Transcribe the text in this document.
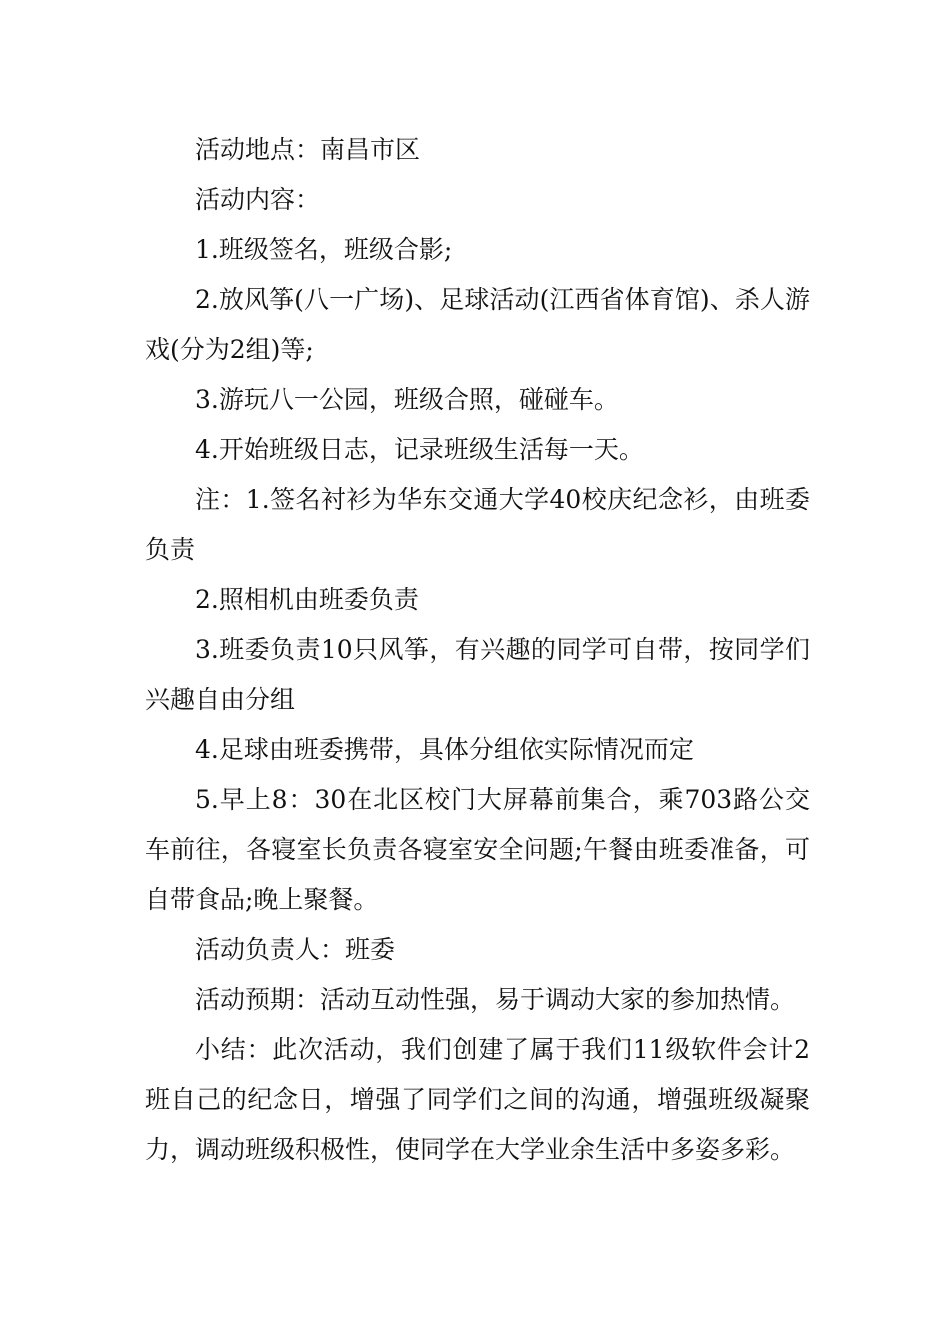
活动地点：南昌市区

活动内容：

1.班级签名，班级合影;

2.放风筝(八一广场)、足球活动(江西省体育馆)、杀人游戏(分为2组)等;

3.游玩八一公园，班级合照，碰碰车。

4.开始班级日志，记录班级生活每一天。

注：1.签名衬衫为华东交通大学40校庆纪念衫，由班委负责

2.照相机由班委负责

3.班委负责10只风筝，有兴趣的同学可自带，按同学们兴趣自由分组

4.足球由班委携带，具体分组依实际情况而定

5.早上8：30在北区校门大屏幕前集合，乘703路公交车前往，各寝室长负责各寝室安全问题;午餐由班委准备，可自带食品;晚上聚餐。

活动负责人：班委

活动预期：活动互动性强，易于调动大家的参加热情。

小结：此次活动，我们创建了属于我们11级软件会计2班自己的纪念日，增强了同学们之间的沟通，增强班级凝聚力，调动班级积极性，使同学在大学业余生活中多姿多彩。
